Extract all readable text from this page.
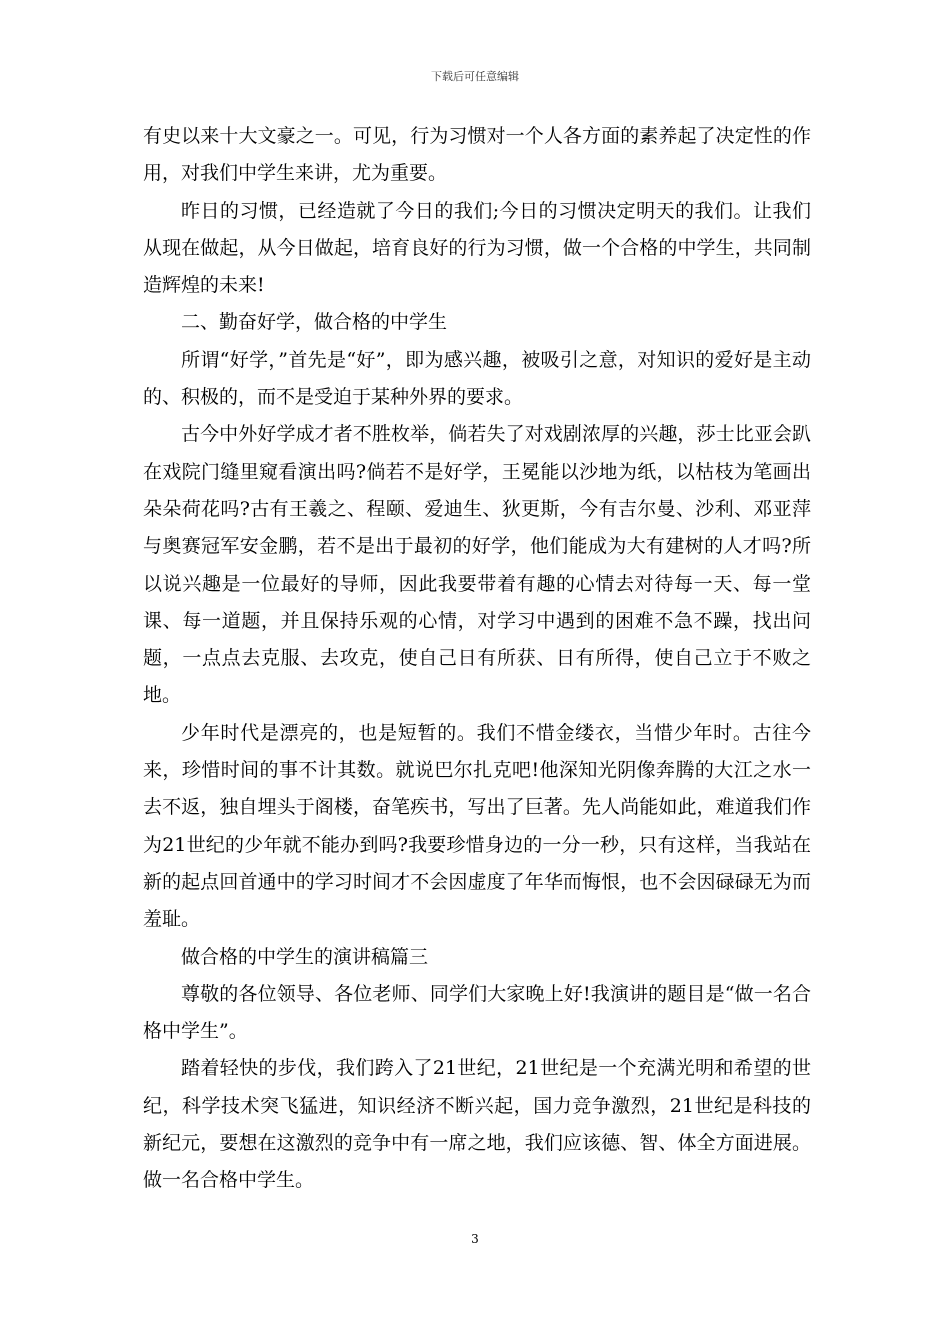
下载后可任意编辑

有史以来十大文豪之一。可见，行为习惯对一个人各方面的素养起了决定性的作用，对我们中学生来讲，尤为重要。

昨日的习惯，已经造就了今日的我们;今日的习惯决定明天的我们。让我们从现在做起，从今日做起，培育良好的行为习惯，做一个合格的中学生，共同制造辉煌的未来!

二、勤奋好学，做合格的中学生

所谓“好学，”首先是“好”，即为感兴趣，被吸引之意，对知识的爱好是主动的、积极的，而不是受迫于某种外界的要求。

古今中外好学成才者不胜枚举，倘若失了对戏剧浓厚的兴趣，莎士比亚会趴在戏院门缝里窥看演出吗?倘若不是好学，王冕能以沙地为纸，以枯枝为笔画出朵朵荷花吗?古有王羲之、程颐、爱迪生、狄更斯，今有吉尔曼、沙利、邓亚萍与奥赛冠军安金鹏，若不是出于最初的好学，他们能成为大有建树的人才吗?所以说兴趣是一位最好的导师，因此我要带着有趣的心情去对待每一天、每一堂课、每一道题，并且保持乐观的心情，对学习中遇到的困难不急不躁，找出问题，一点点去克服、去攻克，使自己日有所获、日有所得，使自己立于不败之地。

少年时代是漂亮的，也是短暂的。我们不惜金缕衣，当惜少年时。古往今来，珍惜时间的事不计其数。就说巴尔扎克吧!他深知光阴像奔腾的大江之水一去不返，独自埋头于阁楼，奋笔疾书，写出了巨著。先人尚能如此，难道我们作为21世纪的少年就不能办到吗?我要珍惜身边的一分一秒，只有这样，当我站在新的起点回首通中的学习时间才不会因虚度了年华而悔恨，也不会因碌碌无为而羞耻。

做合格的中学生的演讲稿篇三

尊敬的各位领导、各位老师、同学们大家晚上好!我演讲的题目是“做一名合格中学生”。

踏着轻快的步伐，我们跨入了21世纪，21世纪是一个充满光明和希望的世纪，科学技术突飞猛进，知识经济不断兴起，国力竞争激烈，21世纪是科技的新纪元，要想在这激烈的竞争中有一席之地，我们应该德、智、体全方面进展。做一名合格中学生。

3
